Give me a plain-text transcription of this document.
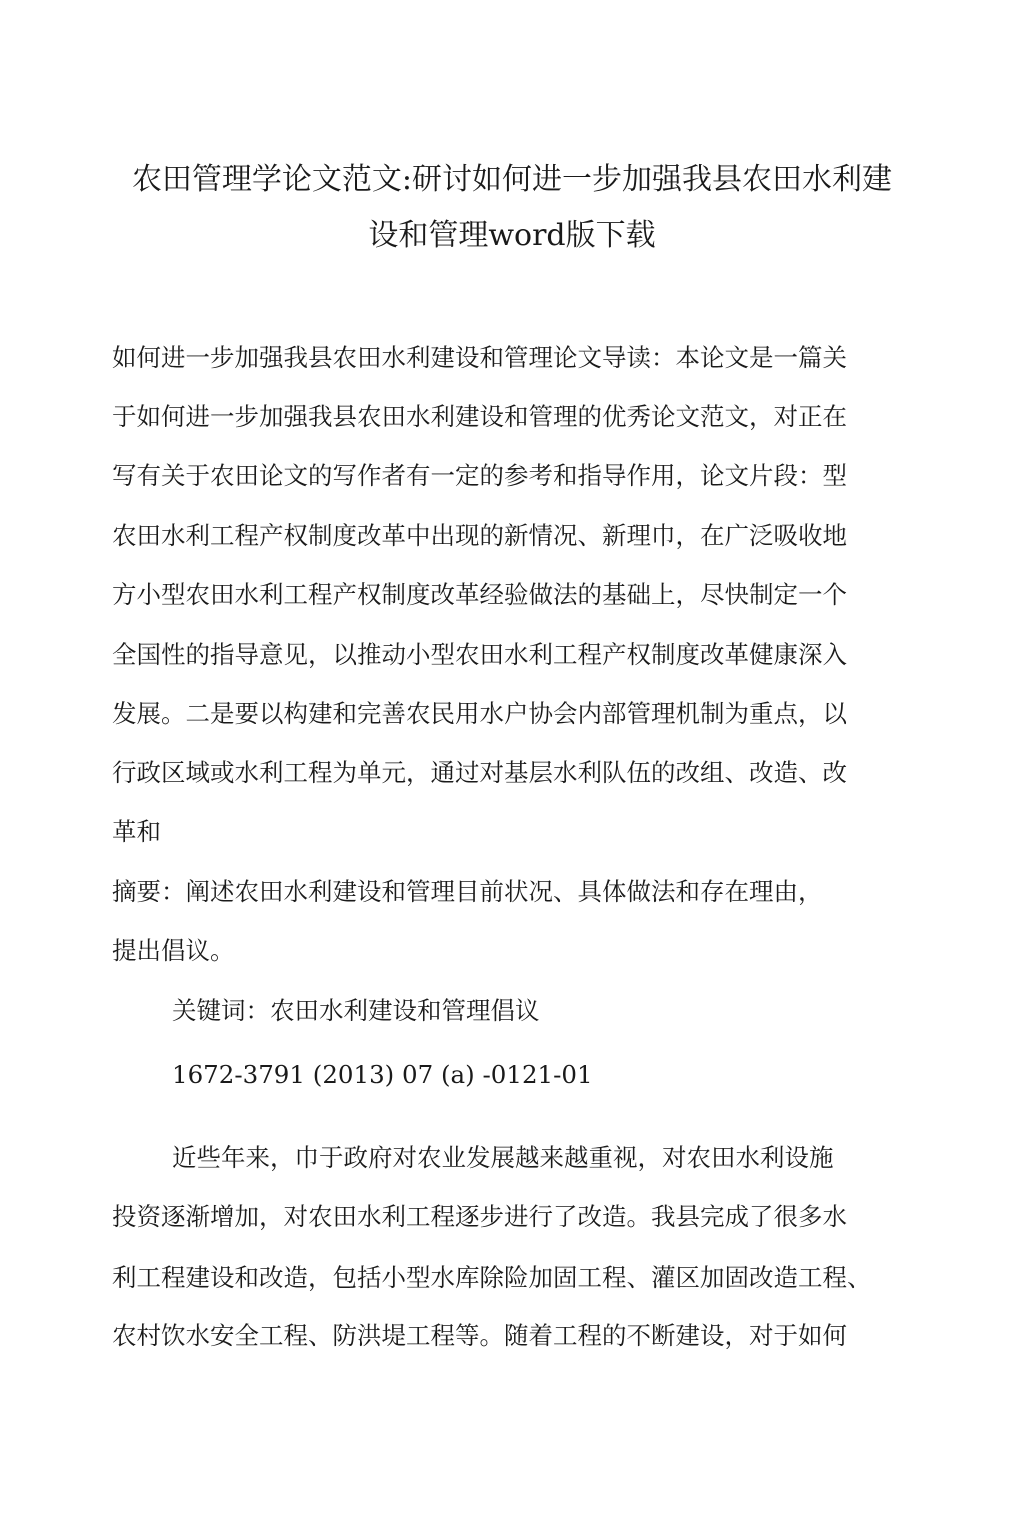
农田管理学论文范文:研讨如何进一步加强我县农田水利建
设和管理word版下载

如何进一步加强我县农田水利建设和管理论文导读：本论文是一篇关

于如何进一步加强我县农田水利建设和管理的优秀论文范文，对正在

写有关于农田论文的写作者有一定的参考和指导作用，论文片段：型

农田水利工程产权制度改革中出现的新情况、新理巾，在广泛吸收地

方小型农田水利工程产权制度改革经验做法的基础上，尽快制定一个

全国性的指导意见，以推动小型农田水利工程产权制度改革健康深入

发展。二是要以构建和完善农民用水户协会内部管理机制为重点，以

行政区域或水利工程为单元，通过对基层水利队伍的改组、改造、改

革和

摘要：阐述农田水利建设和管理目前状况、具体做法和存在理由，

提出倡议。

关键词：农田水利建设和管理倡议

1672-3791 (2013) 07 (a) -0121-01

近些年来，巾于政府对农业发展越来越重视，对农田水利设施

投资逐渐增加，对农田水利工程逐步进行了改造。我县完成了很多水

利工程建设和改造，包括小型水库除险加固工程、灌区加固改造工程、

农村饮水安全工程、防洪堤工程等。随着工程的不断建设，对于如何
